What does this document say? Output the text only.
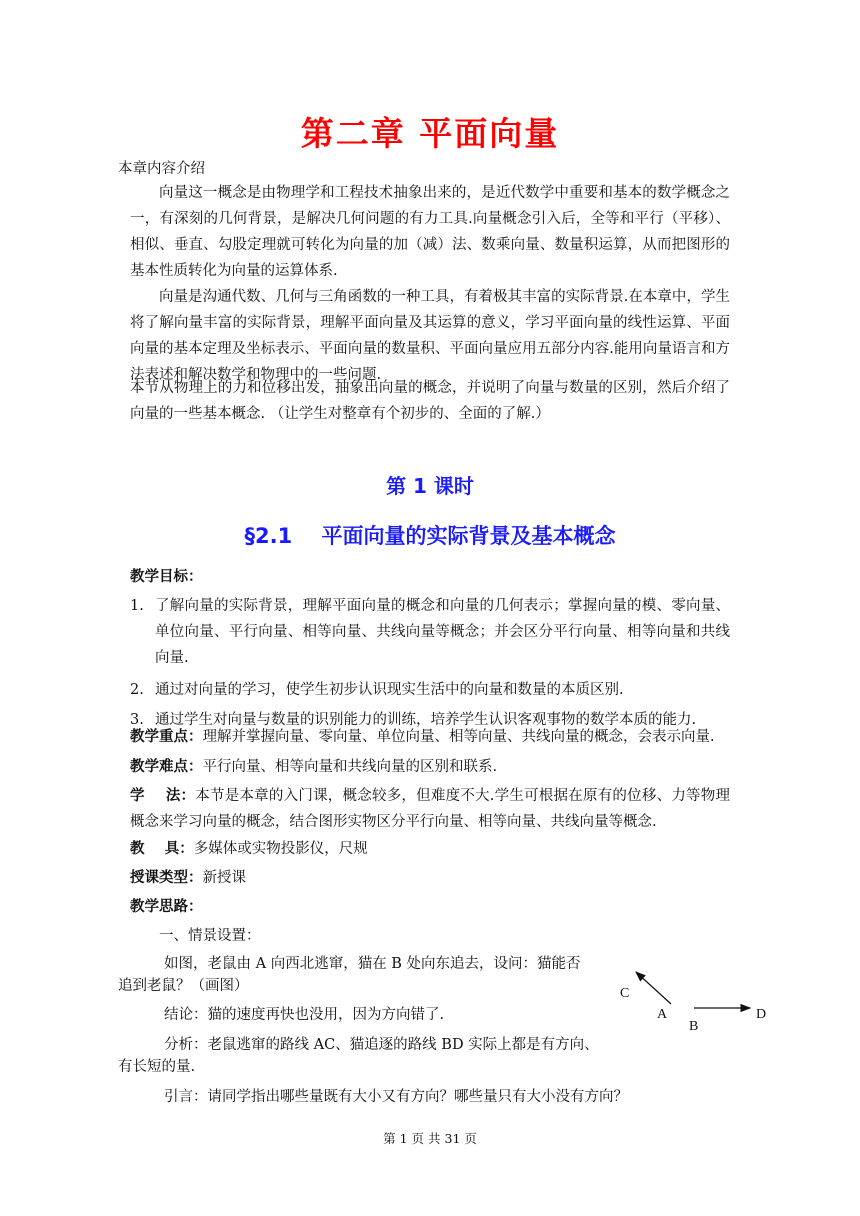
第二章 平面向量

本章内容介绍

向量这一概念是由物理学和工程技术抽象出来的，是近代数学中重要和基本的数学概念之一，有深刻的几何背景，是解决几何问题的有力工具.向量概念引入后，全等和平行（平移）、相似、垂直、勾股定理就可转化为向量的加（减）法、数乘向量、数量积运算，从而把图形的基本性质转化为向量的运算体系.

向量是沟通代数、几何与三角函数的一种工具，有着极其丰富的实际背景.在本章中，学生将了解向量丰富的实际背景，理解平面向量及其运算的意义，学习平面向量的线性运算、平面向量的基本定理及坐标表示、平面向量的数量积、平面向量应用五部分内容.能用向量语言和方法表述和解决数学和物理中的一些问题.

本节从物理上的力和位移出发，抽象出向量的概念，并说明了向量与数量的区别，然后介绍了向量的一些基本概念. （让学生对整章有个初步的、全面的了解.）

第 1 课时
§2.1    平面向量的实际背景及基本概念

教学目标：

1. 了解向量的实际背景，理解平面向量的概念和向量的几何表示；掌握向量的模、零向量、单位向量、平行向量、相等向量、共线向量等概念；并会区分平行向量、相等向量和共线向量.
2. 通过对向量的学习，使学生初步认识现实生活中的向量和数量的本质区别.
3. 通过学生对向量与数量的识别能力的训练，培养学生认识客观事物的数学本质的能力.

教学重点：理解并掌握向量、零向量、单位向量、相等向量、共线向量的概念，会表示向量.

教学难点：平行向量、相等向量和共线向量的区别和联系.

学    法：本节是本章的入门课，概念较多，但难度不大.学生可根据在原有的位移、力等物理概念来学习向量的概念，结合图形实物区分平行向量、相等向量、共线向量等概念.

教    具：多媒体或实物投影仪，尺规

授课类型：新授课

教学思路：

一、情景设置：

如图，老鼠由 A 向西北逃窜，猫在 B 处向东追去，设问：猫能否

追到老鼠？（画图）

结论：猫的速度再快也没用，因为方向错了.

分析：老鼠逃窜的路线 AC、猫追逐的路线 BD 实际上都是有方向、

有长短的量.

引言：请同学指出哪些量既有大小又有方向？哪些量只有大小没有方向？

C
A
B
D

第 1 页 共 31 页
